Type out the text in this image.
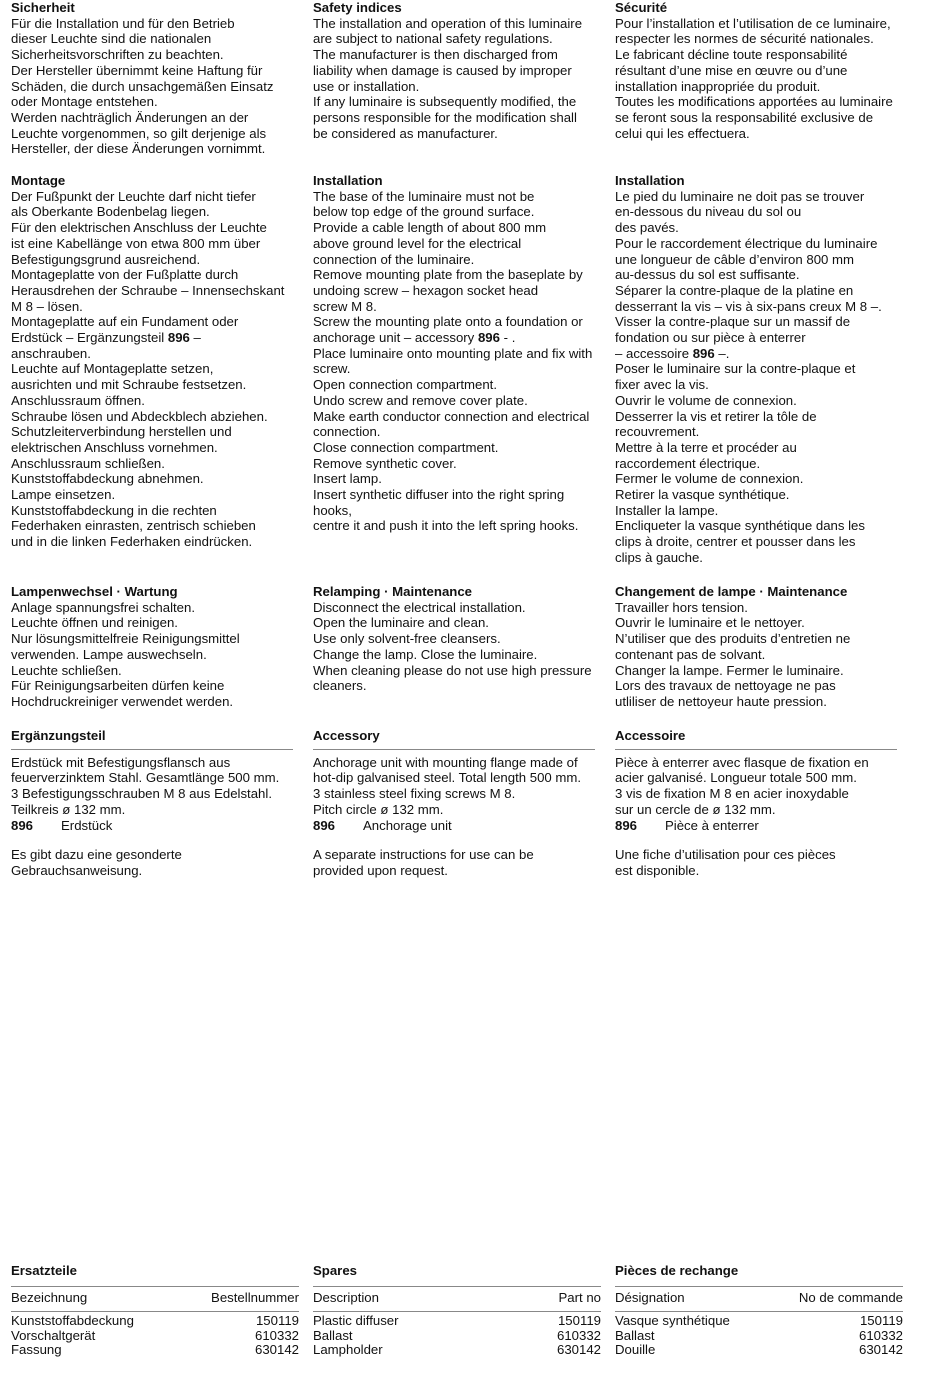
Sicherheit

Für die Installation und für den Betrieb
dieser Leuchte sind die nationalen
Sicherheitsvorschriften zu beachten.
Der Hersteller übernimmt keine Haftung für
Schäden, die durch unsachgemäßen Einsatz
oder Montage entstehen.
Werden nachträglich Änderungen an der
Leuchte vorgenommen, so gilt derjenige als
Hersteller, der diese Änderungen vornimmt.

Montage

Der Fußpunkt der Leuchte darf nicht tiefer
als Oberkante Bodenbelag liegen.
Für den elektrischen Anschluss der Leuchte
ist eine Kabellänge von etwa 800 mm über
Befestigungsgrund ausreichend.
Montageplatte von der Fußplatte durch
Herausdrehen der Schraube – Innensechskant
M 8 – lösen.
Montageplatte auf ein Fundament oder
Erdstück – Ergänzungsteil 896 –
anschrauben.
Leuchte auf Montageplatte setzen,
ausrichten und mit Schraube festsetzen.
Anschlussraum öffnen.
Schraube lösen und Abdeckblech abziehen.
Schutzleiterverbindung herstellen und
elektrischen Anschluss vornehmen.
Anschlussraum schließen.
Kunststoffabdeckung abnehmen.
Lampe einsetzen.
Kunststoffabdeckung in die rechten
Federhaken einrasten, zentrisch schieben
und in die linken Federhaken eindrücken.

Lampenwechsel · Wartung

Anlage spannungsfrei schalten.
Leuchte öffnen und reinigen.
Nur lösungsmittelfreie Reinigungsmittel
verwenden. Lampe auswechseln.
Leuchte schließen.
Für Reinigungsarbeiten dürfen keine
Hochdruckreiniger verwendet werden.

Ergänzungsteil

Erdstück mit Befestigungsflansch aus
feuerverzinktem Stahl. Gesamtlänge 500 mm.
3 Befestigungsschrauben M 8 aus Edelstahl.
Teilkreis ø 132 mm.

896	Erdstück

Es gibt dazu eine gesonderte
Gebrauchsanweisung.

Ersatzteile
Bezeichnung	Bestellnummer
Kunststoffabdeckung	150119
Vorschaltgerät	610332
Fassung	630142
Safety indices

The installation and operation of this luminaire
are subject to national safety regulations.
The manufacturer is then discharged from
liability when damage is caused by improper
use or installation.
If any luminaire is subsequently modified, the
persons responsible for the modification shall
be considered as manufacturer.

Installation

The base of the luminaire must not be
below top edge of the ground surface.
Provide a cable length of about 800 mm
above ground level for the electrical
connection of the luminaire.
Remove mounting plate from the baseplate by
undoing screw – hexagon socket head
screw M 8.
Screw the mounting plate onto a foundation or
anchorage unit – accessory 896 - .
Place luminaire onto mounting plate and fix with
screw.
Open connection compartment.
Undo screw and remove cover plate.
Make earth conductor connection and electrical
connection.
Close connection compartment.
Remove synthetic cover.
Insert lamp.
Insert synthetic diffuser into the right spring
hooks,
centre it and push it into the left spring hooks.

Relamping · Maintenance

Disconnect the electrical installation.
Open the luminaire and clean.
Use only solvent-free cleansers.
Change the lamp. Close the luminaire.
When cleaning please do not use high pressure
cleaners.

Accessory

Anchorage unit with mounting flange made of
hot-dip galvanised steel. Total length 500 mm.
3 stainless steel fixing screws M 8.
Pitch circle ø 132 mm.

896	Anchorage unit

A separate instructions for use can be
provided upon request.

Spares
Description	Part no
Plastic diffuser	150119
Ballast	610332
Lampholder	630142
Sécurité

Pour l’installation et l’utilisation de ce luminaire,
respecter les normes de sécurité nationales.
Le fabricant décline toute responsabilité
résultant d’une mise en œuvre ou d’une
installation inappropriée du produit.
Toutes les modifications apportées au luminaire
se feront sous la responsabilité exclusive de
celui qui les effectuera.

Installation

Le pied du luminaire ne doit pas se trouver
en-dessous du niveau du sol ou
des pavés.
Pour le raccordement électrique du luminaire
une longueur de câble d’environ 800 mm
au-dessus du sol est suffisante.
Séparer la contre-plaque de la platine en
desserrant la vis – vis à six-pans creux M 8 –.
Visser la contre-plaque sur un massif de
fondation ou sur pièce à enterrer
– accessoire 896 –.
Poser le luminaire sur la contre-plaque et
fixer avec la vis.
Ouvrir le volume de connexion.
Desserrer la vis et retirer la tôle de
recouvrement.
Mettre à la terre et procéder au
raccordement électrique.
Fermer le volume de connexion.
Retirer la vasque synthétique.
Installer la lampe.
Encliqueter la vasque synthétique dans les
clips à droite, centrer et pousser dans les
clips à gauche.

Changement de lampe · Maintenance

Travailler hors tension.
Ouvrir le luminaire et le nettoyer.
N’utiliser que des produits d’entretien ne
contenant pas de solvant.
Changer la lampe. Fermer le luminaire.
Lors des travaux de nettoyage ne pas
utliliser de nettoyeur haute pression.

Accessoire

Pièce à enterrer avec flasque de fixation en
acier galvanisé. Longueur totale 500 mm.
3 vis de fixation M 8 en acier inoxydable
sur un cercle de ø 132 mm.

896	Pièce à enterrer

Une fiche d’utilisation pour ces pièces
est disponible.

Pièces de rechange
Désignation	No de commande
Vasque synthétique	150119
Ballast	610332
Douille	630142
